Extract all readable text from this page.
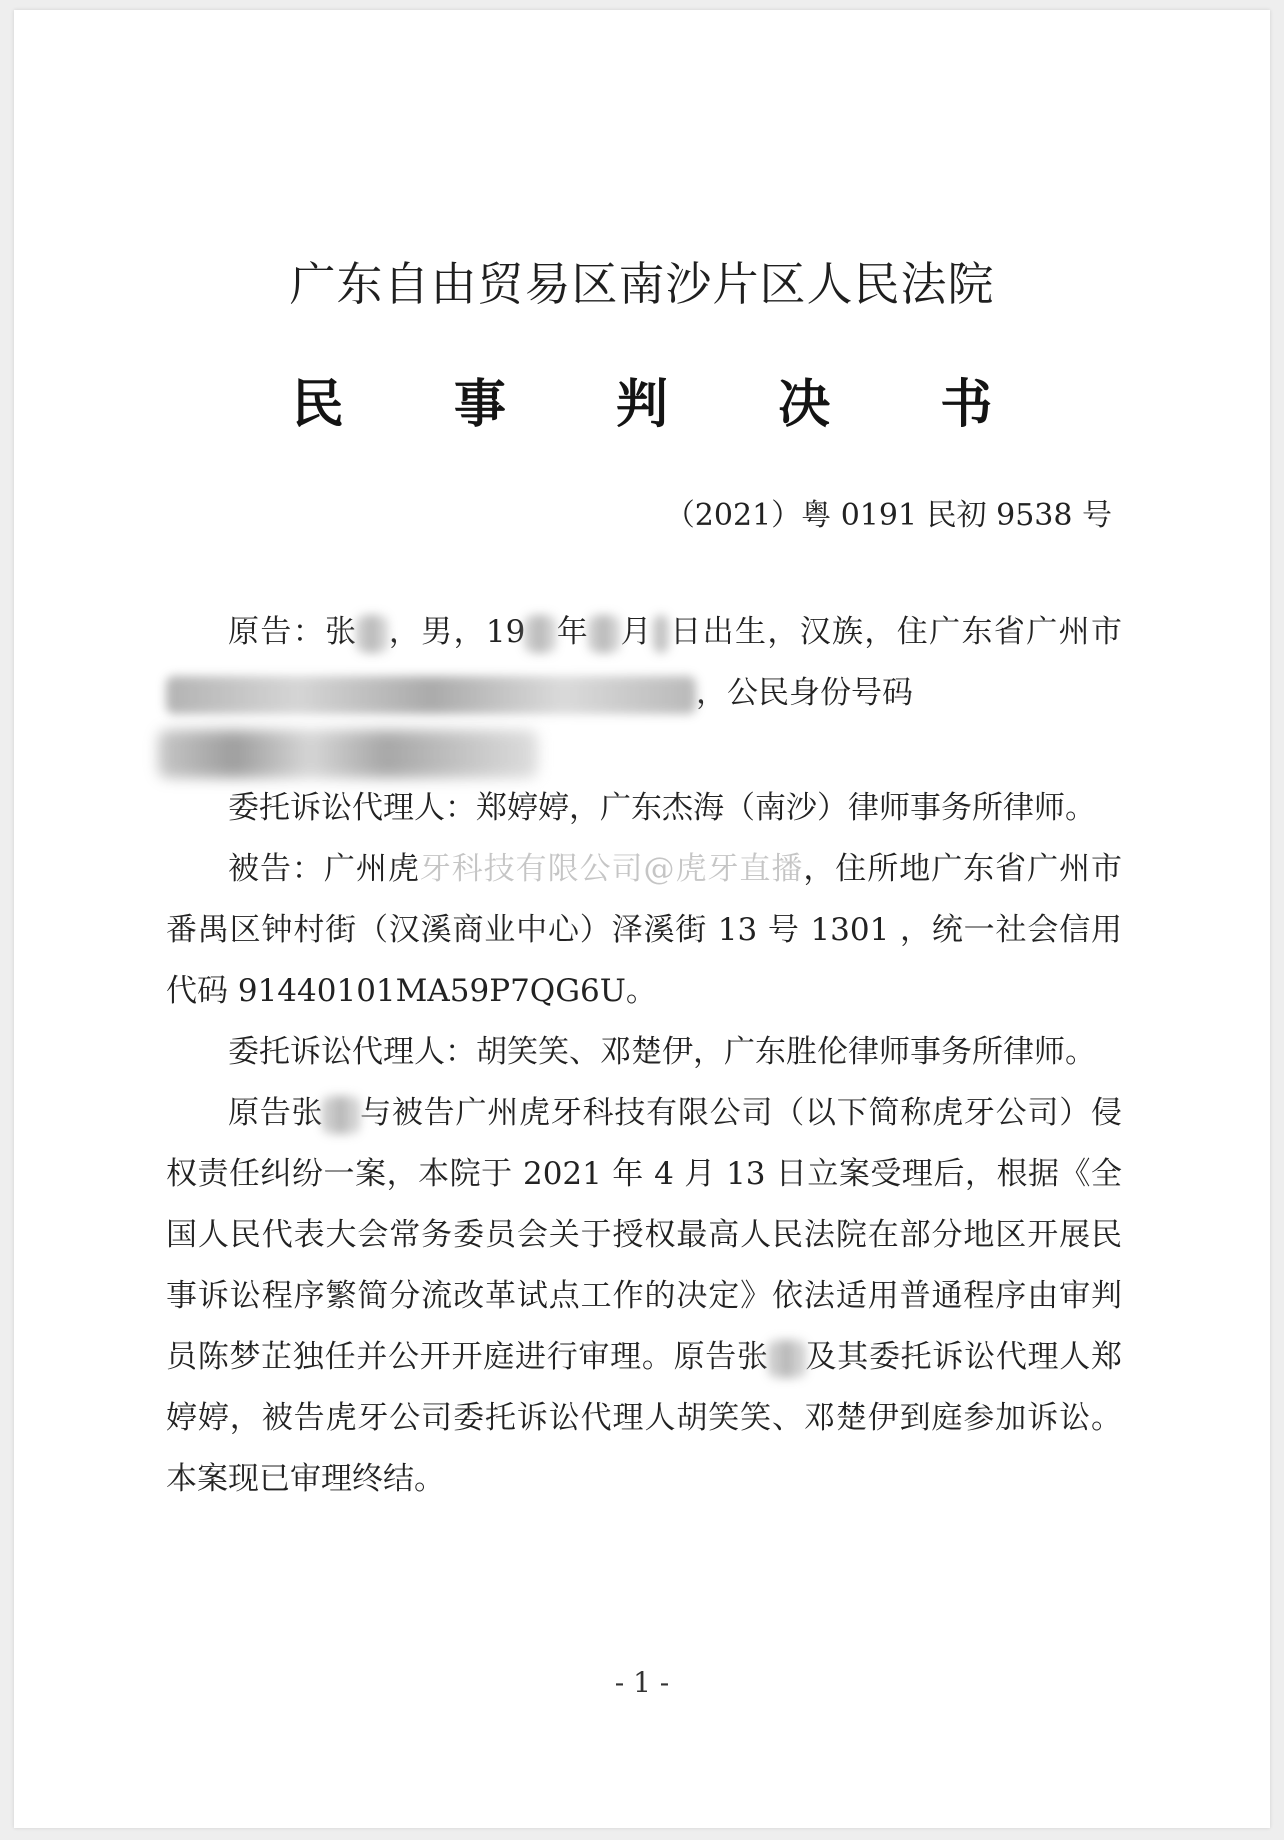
广东自由贸易区南沙片区人民法院
民 事 判 决 书
（2021）粤 0191 民初 9538 号

原告：张 ，男，19 年 月 日出生，汉族，住广东省广州市，公民身份号码

委托诉讼代理人：郑婷婷，广东杰海（南沙）律师事务所律师。

被告：广州虎牙科技有限公司@虎牙直播，住所地广东省广州市番禺区钟村街（汉溪商业中心）泽溪街 13 号 1301 ，统一社会信用代码 91440101MA59P7QG6U。

委托诉讼代理人：胡笑笑、邓楚伊，广东胜伦律师事务所律师。

原告张 与被告广州虎牙科技有限公司（以下简称虎牙公司）侵权责任纠纷一案，本院于 2021 年 4 月 13 日立案受理后，根据《全国人民代表大会常务委员会关于授权最高人民法院在部分地区开展民事诉讼程序繁简分流改革试点工作的决定》依法适用普通程序由审判员陈梦芷独任并公开开庭进行审理。原告张 及其委托诉讼代理人郑婷婷，被告虎牙公司委托诉讼代理人胡笑笑、邓楚伊到庭参加诉讼。本案现已审理终结。

- 1 -
